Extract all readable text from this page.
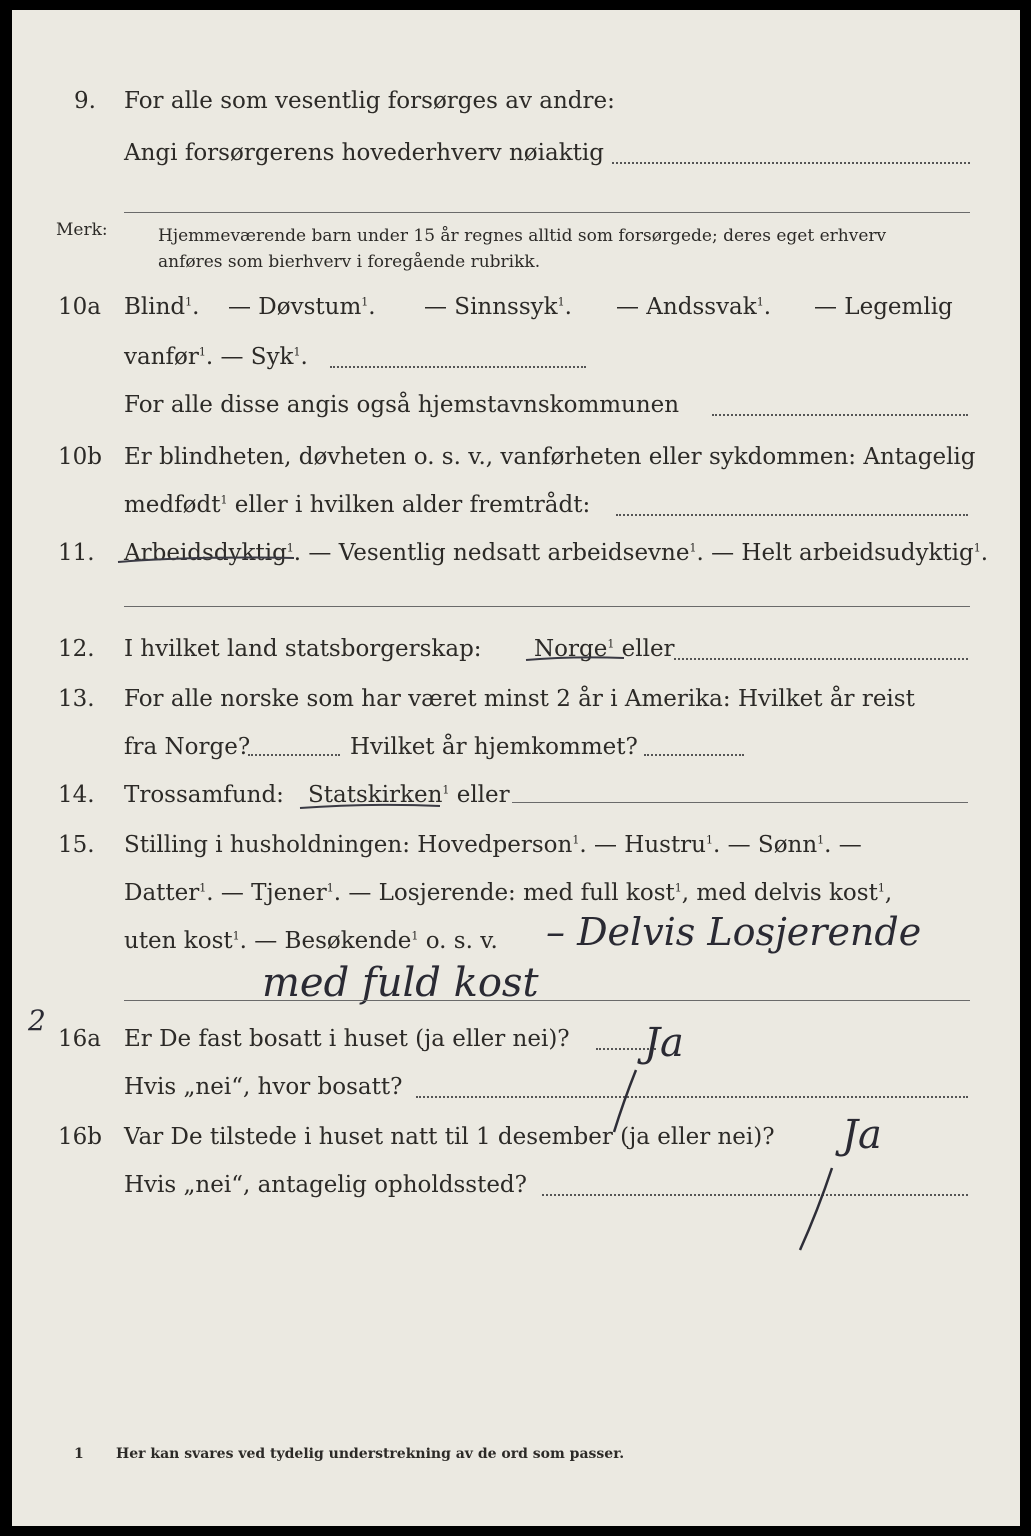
9. For alle som vesentlig forsørges av andre:
Angi forsørgerens hovederhverv nøiaktig
Merk:	Hjemmeværende barn under 15 år regnes alltid som forsørgede; deres eget erhverv
anføres som bierhverv i foregående rubrikk.
10a Blind$^1$. — Døvstum$^1$. — Sinnssyk$^1$. — Andssvak$^1$. — Legemlig
vanfør$^1$. — Syk$^1$.
For alle disse angis også hjemstavnskommunen
10b Er blindheten, døvheten o. s. v., vanførheten eller sykdommen: Antagelig
medfødt$^1$ eller i hvilken alder fremtrådt:
11. Arbeidsdyktig$^1$. — Vesentlig nedsatt arbeidsevne$^1$. — Helt arbeidsudyktig$^1$.
12. I hvilket land statsborgerskap: Norge$^1$ eller
13. For alle norske som har været minst 2 år i Amerika: Hvilket år reist
fra Norge?	Hvilket år hjemkommet?
14. Trossamfund: Statskirken$^1$ eller
15. Stilling i husholdningen: Hovedperson$^1$. — Hustru$^1$. — Sønn$^1$. —
Datter$^1$. — Tjener$^1$. — Losjerende: med full kost$^1$, med delvis kost$^1$,
uten kost$^1$. — Besøkende$^1$ o. s. v. – Delvis Losjerende
med fuld kost
2
16a Er De fast bosatt i huset (ja eller nei)? Ja
Hvis „nei“, hvor bosatt?
16b Var De tilstede i huset natt til 1 desember (ja eller nei)? Ja
Hvis „nei“, antagelig opholdssted?
1 Her kan svares ved tydelig understrekning av de ord som passer.
